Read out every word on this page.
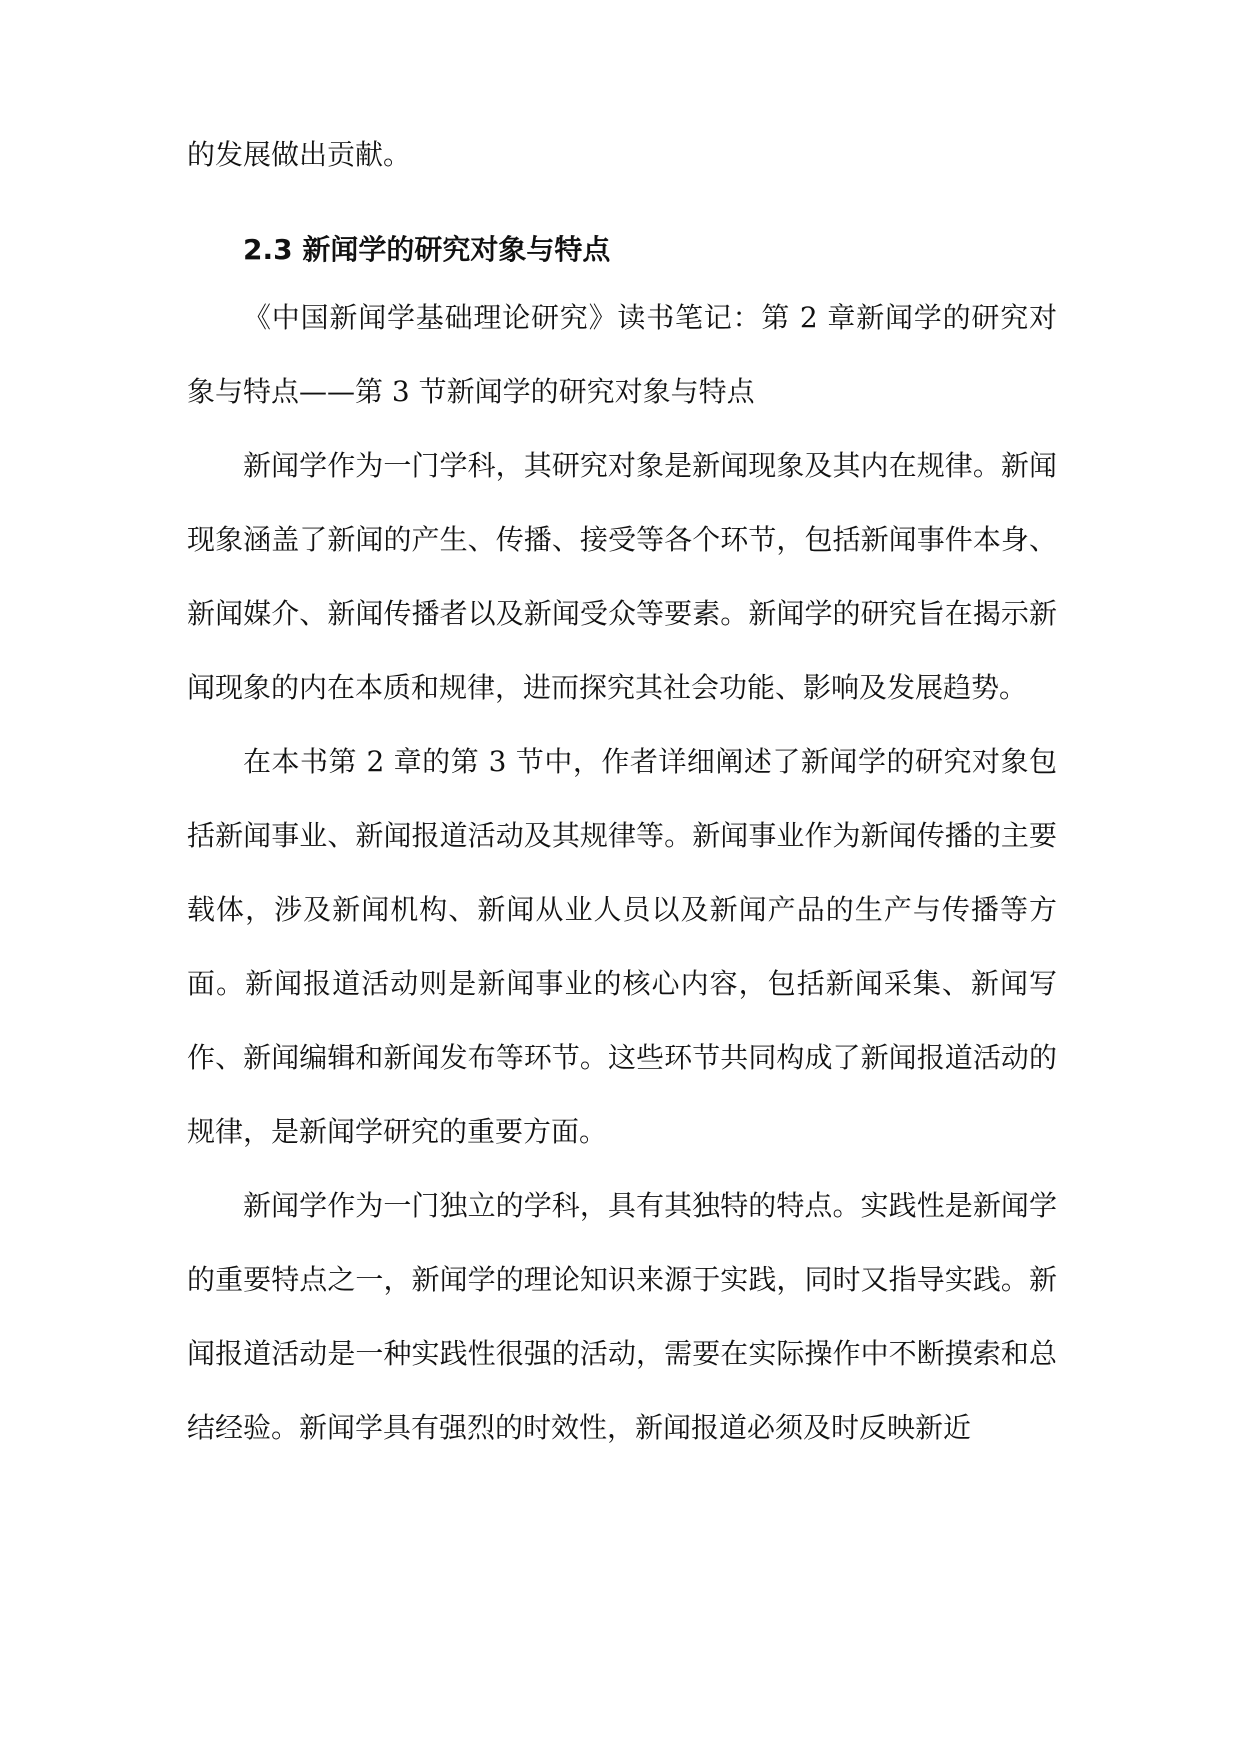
的发展做出贡献。

2.3 新闻学的研究对象与特点

《中国新闻学基础理论研究》读书笔记：第 2 章新闻学的研究对象与特点——第 3 节新闻学的研究对象与特点

新闻学作为一门学科，其研究对象是新闻现象及其内在规律。新闻现象涵盖了新闻的产生、传播、接受等各个环节，包括新闻事件本身、新闻媒介、新闻传播者以及新闻受众等要素。新闻学的研究旨在揭示新闻现象的内在本质和规律，进而探究其社会功能、影响及发展趋势。

在本书第 2 章的第 3 节中，作者详细阐述了新闻学的研究对象包括新闻事业、新闻报道活动及其规律等。新闻事业作为新闻传播的主要载体，涉及新闻机构、新闻从业人员以及新闻产品的生产与传播等方面。新闻报道活动则是新闻事业的核心内容，包括新闻采集、新闻写作、新闻编辑和新闻发布等环节。这些环节共同构成了新闻报道活动的规律，是新闻学研究的重要方面。

新闻学作为一门独立的学科，具有其独特的特点。实践性是新闻学的重要特点之一，新闻学的理论知识来源于实践，同时又指导实践。新闻报道活动是一种实践性很强的活动，需要在实际操作中不断摸索和总结经验。新闻学具有强烈的时效性，新闻报道必须及时反映新近
